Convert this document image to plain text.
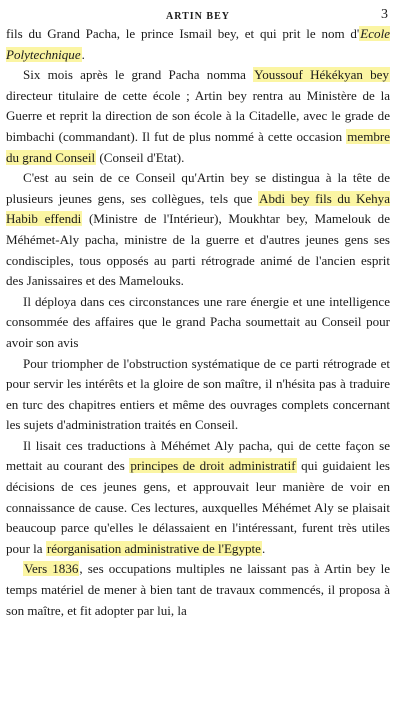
ARTIN BEY	3

fils du Grand Pacha, le prince Ismail bey, et qui prit le nom d'Ecole Polytechnique.

Six mois après le grand Pacha nomma Youssouf Hékékyan bey directeur titulaire de cette école ; Artin bey rentra au Ministère de la Guerre et reprit la direction de son école à la Citadelle, avec le grade de bimbachi (commandant). Il fut de plus nommé à cette occasion membre du grand Conseil (Conseil d'Etat).

C'est au sein de ce Conseil qu'Artin bey se distingua à la tête de plusieurs jeunes gens, ses collègues, tels que Abdi bey fils du Kehya Habib effendi (Ministre de l'Intérieur), Moukhtar bey, Mamelouk de Méhémet-Aly pacha, ministre de la guerre et d'autres jeunes gens ses condisciples, tous opposés au parti rétrograde animé de l'ancien esprit des Janissaires et des Mamelouks.

Il déploya dans ces circonstances une rare énergie et une intelligence consommée des affaires que le grand Pacha soumettait au Conseil pour avoir son avis

Pour triompher de l'obstruction systématique de ce parti rétrograde et pour servir les intérêts et la gloire de son maître, il n'hésita pas à traduire en turc des chapitres entiers et même des ouvrages complets concernant les sujets d'administration traités en Conseil.

Il lisait ces traductions à Méhémet Aly pacha, qui de cette façon se mettait au courant des principes de droit administratif qui guidaient les décisions de ces jeunes gens, et approuvait leur manière de voir en connaissance de cause. Ces lectures, auxquelles Méhémet Aly se plaisait beaucoup parce qu'elles le délassaient en l'intéressant, furent très utiles pour la réorganisation administrative de l'Egypte.

Vers 1836, ses occupations multiples ne laissant pas à Artin bey le temps matériel de mener à bien tant de travaux commencés, il proposa à son maître, et fit adopter par lui, la
